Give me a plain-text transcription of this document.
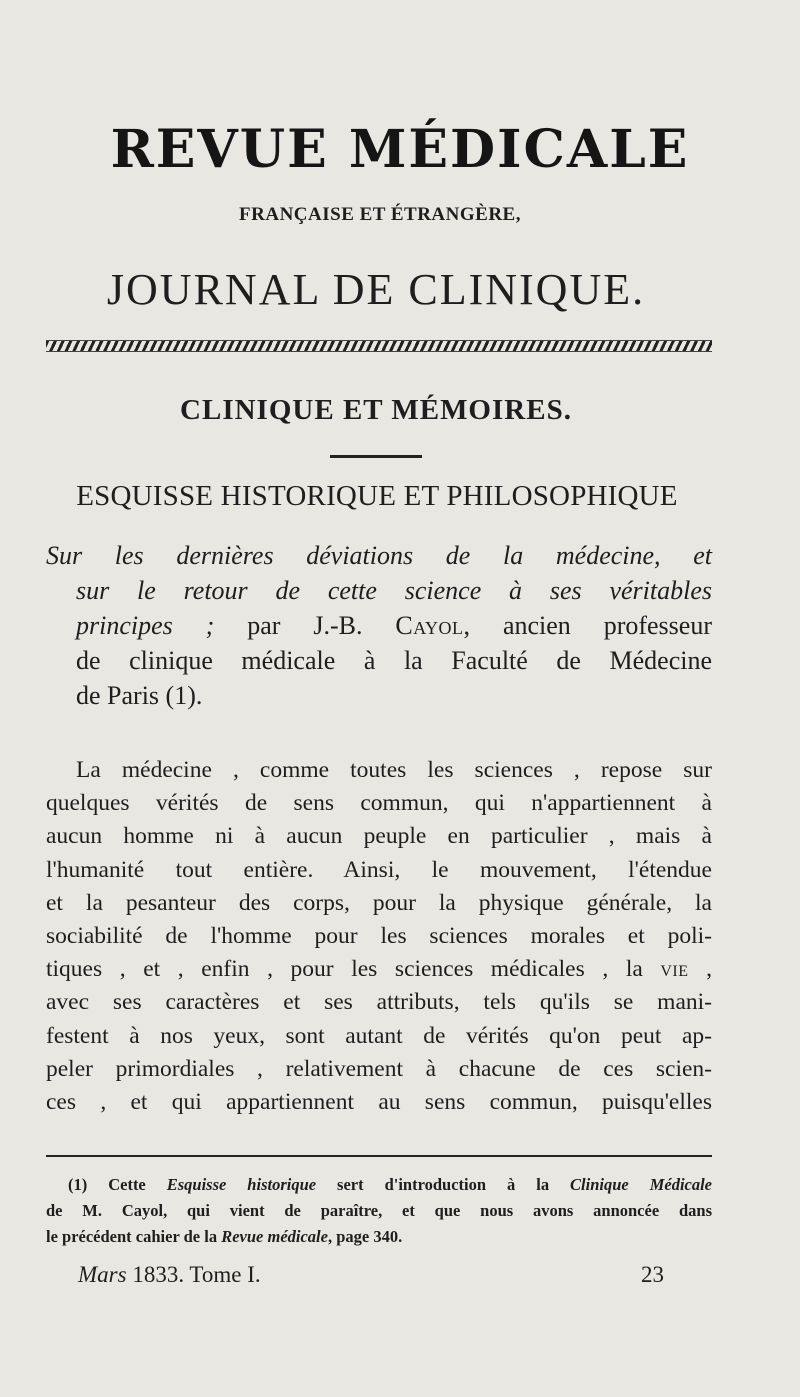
REVUE MÉDICALE
FRANÇAISE ET ÉTRANGÈRE,
JOURNAL DE CLINIQUE.
CLINIQUE ET MÉMOIRES.
ESQUISSE HISTORIQUE ET PHILOSOPHIQUE
Sur les dernières déviations de la médecine, et
sur le retour de cette science à ses véritables
principes ; par J.-B. Cayol, ancien professeur
de clinique médicale à la Faculté de Médecine
de Paris (1).
La médecine , comme toutes les sciences , repose sur
quelques vérités de sens commun, qui n'appartiennent à
aucun homme ni à aucun peuple en particulier , mais à
l'humanité tout entière. Ainsi, le mouvement, l'étendue
et la pesanteur des corps, pour la physique générale, la
sociabilité de l'homme pour les sciences morales et poli-
tiques , et , enfin , pour les sciences médicales , la vie ,
avec ses caractères et ses attributs, tels qu'ils se mani-
festent à nos yeux, sont autant de vérités qu'on peut ap-
peler primordiales , relativement à chacune de ces scien-
ces , et qui appartiennent au sens commun, puisqu'elles
(1) Cette Esquisse historique sert d'introduction à la Clinique Médicale
de M. Cayol, qui vient de paraître, et que nous avons annoncée dans
le précédent cahier de la Revue médicale, page 340.
Mars 1833. Tome I.	23
